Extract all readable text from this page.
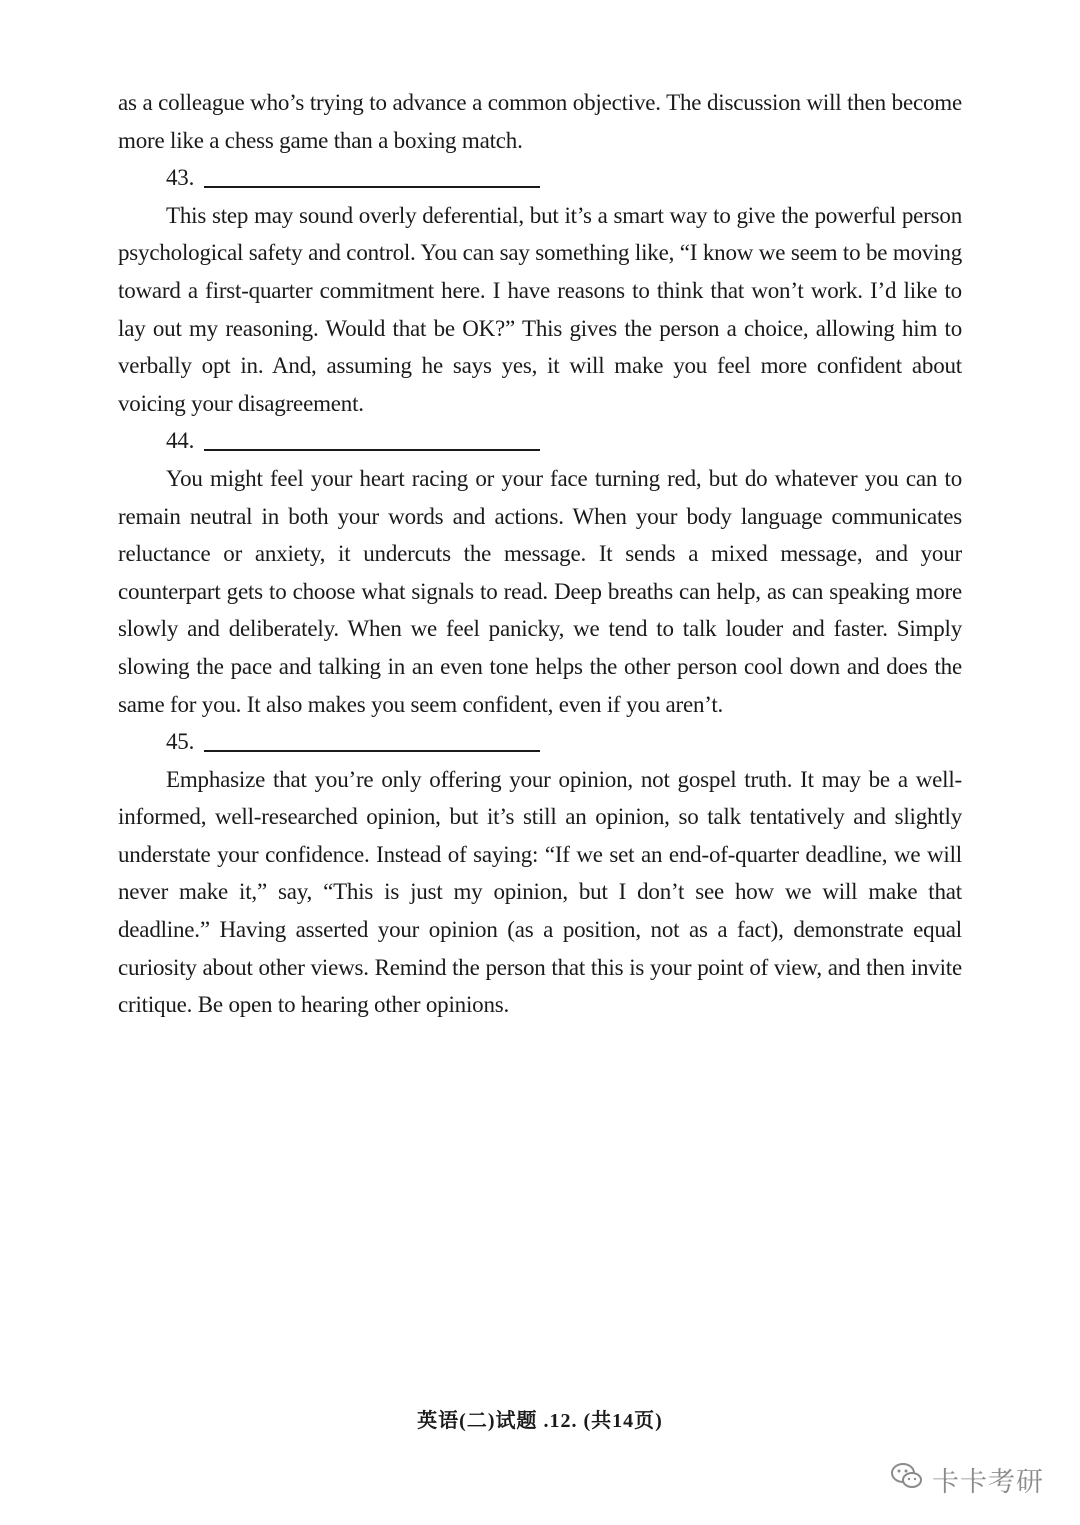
as a colleague who’s trying to advance a common objective. The discussion will then become more like a chess game than a boxing match.

43.

This step may sound overly deferential, but it’s a smart way to give the powerful person psychological safety and control. You can say something like, “I know we seem to be moving toward a first-quarter commitment here. I have reasons to think that won’t work. I’d like to lay out my reasoning. Would that be OK?” This gives the person a choice, allowing him to verbally opt in. And, assuming he says yes, it will make you feel more confident about voicing your disagreement.

44.

You might feel your heart racing or your face turning red, but do whatever you can to remain neutral in both your words and actions. When your body language communicates reluctance or anxiety, it undercuts the message. It sends a mixed message, and your counterpart gets to choose what signals to read. Deep breaths can help, as can speaking more slowly and deliberately. When we feel panicky, we tend to talk louder and faster. Simply slowing the pace and talking in an even tone helps the other person cool down and does the same for you. It also makes you seem confident, even if you aren’t.

45.

Emphasize that you’re only offering your opinion, not gospel truth. It may be a well-informed, well-researched opinion, but it’s still an opinion, so talk tentatively and slightly understate your confidence. Instead of saying: “If we set an end-of-quarter deadline, we will never make it,” say, “This is just my opinion, but I don’t see how we will make that deadline.” Having asserted your opinion (as a position, not as a fact), demonstrate equal curiosity about other views. Remind the person that this is your point of view, and then invite critique. Be open to hearing other opinions.

英语(二)试题 .12. (共14页)
卡卡考研
